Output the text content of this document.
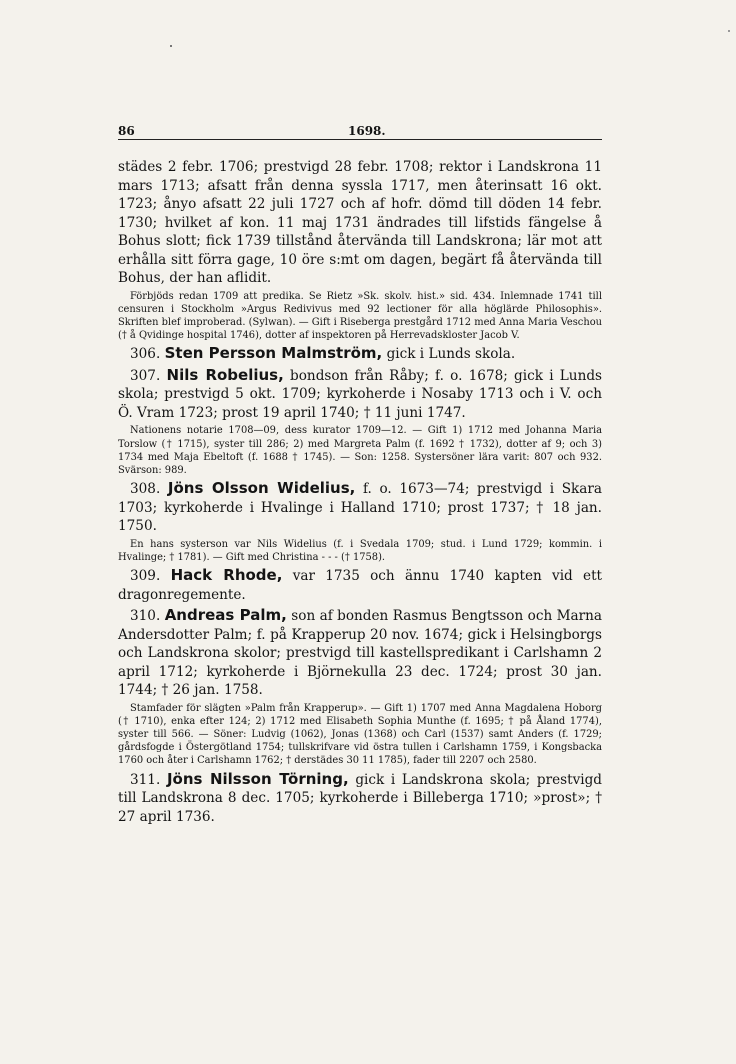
86	1698.

städes 2 febr. 1706; prestvigd 28 febr. 1708; rektor i Landskrona 11 mars 1713; afsatt från denna syssla 1717, men återinsatt 16 okt. 1723; ånyo afsatt 22 juli 1727 och af hofr. dömd till döden 14 febr. 1730; hvilket af kon. 11 maj 1731 ändrades till lifstids fängelse å Bohus slott; fick 1739 tillstånd återvända till Landskrona; lär mot att erhålla sitt förra gage, 10 öre s:mt om dagen, begärt få återvända till Bohus, der han aflidit.

Förbjöds redan 1709 att predika. Se Rietz »Sk. skolv. hist.» sid. 434. Inlemnade 1741 till censuren i Stockholm »Argus Redivivus med 92 lectioner för alla höglärde Philosophis». Skriften blef improberad. (Sylwan). — Gift i Riseberga prestgård 1712 med Anna Maria Veschou († å Qvidinge hospital 1746), dotter af inspektoren på Herrevadskloster Jacob V.

306. Sten Persson Malmström, gick i Lunds skola.

307. Nils Robelius, bondson från Råby; f. o. 1678; gick i Lunds skola; prestvigd 5 okt. 1709; kyrkoherde i Nosaby 1713 och i V. och Ö. Vram 1723; prost 19 april 1740; † 11 juni 1747.

Nationens notarie 1708—09, dess kurator 1709—12. — Gift 1) 1712 med Johanna Maria Torslow († 1715), syster till 286; 2) med Margreta Palm (f. 1692 † 1732), dotter af 9; och 3) 1734 med Maja Ebeltoft (f. 1688 † 1745). — Son: 1258. Systersöner lära varit: 807 och 932. Svärson: 989.

308. Jöns Olsson Widelius, f. o. 1673—74; prestvigd i Skara 1703; kyrkoherde i Hvalinge i Halland 1710; prost 1737; † 18 jan. 1750.

En hans systerson var Nils Widelius (f. i Svedala 1709; stud. i Lund 1729; kommin. i Hvalinge; † 1781). — Gift med Christina - - - († 1758).

309. Hack Rhode, var 1735 och ännu 1740 kapten vid ett dragonregemente.

310. Andreas Palm, son af bonden Rasmus Bengtsson och Marna Andersdotter Palm; f. på Krapperup 20 nov. 1674; gick i Helsingborgs och Landskrona skolor; prestvigd till kastellspredikant i Carlshamn 2 april 1712; kyrkoherde i Björnekulla 23 dec. 1724; prost 30 jan. 1744; † 26 jan. 1758.

Stamfader för slägten »Palm från Krapperup». — Gift 1) 1707 med Anna Magdalena Hoborg († 1710), enka efter 124; 2) 1712 med Elisabeth Sophia Munthe (f. 1695; † på Åland 1774), syster till 566. — Söner: Ludvig (1062), Jonas (1368) och Carl (1537) samt Anders (f. 1729; gårdsfogde i Östergötland 1754; tullskrifvare vid östra tullen i Carlshamn 1759, i Kongsbacka 1760 och åter i Carlshamn 1762; † derstädes 30 11 1785), fader till 2207 och 2580.

311. Jöns Nilsson Törning, gick i Landskrona skola; prestvigd till Landskrona 8 dec. 1705; kyrkoherde i Billeberga 1710; »prost»; † 27 april 1736.
